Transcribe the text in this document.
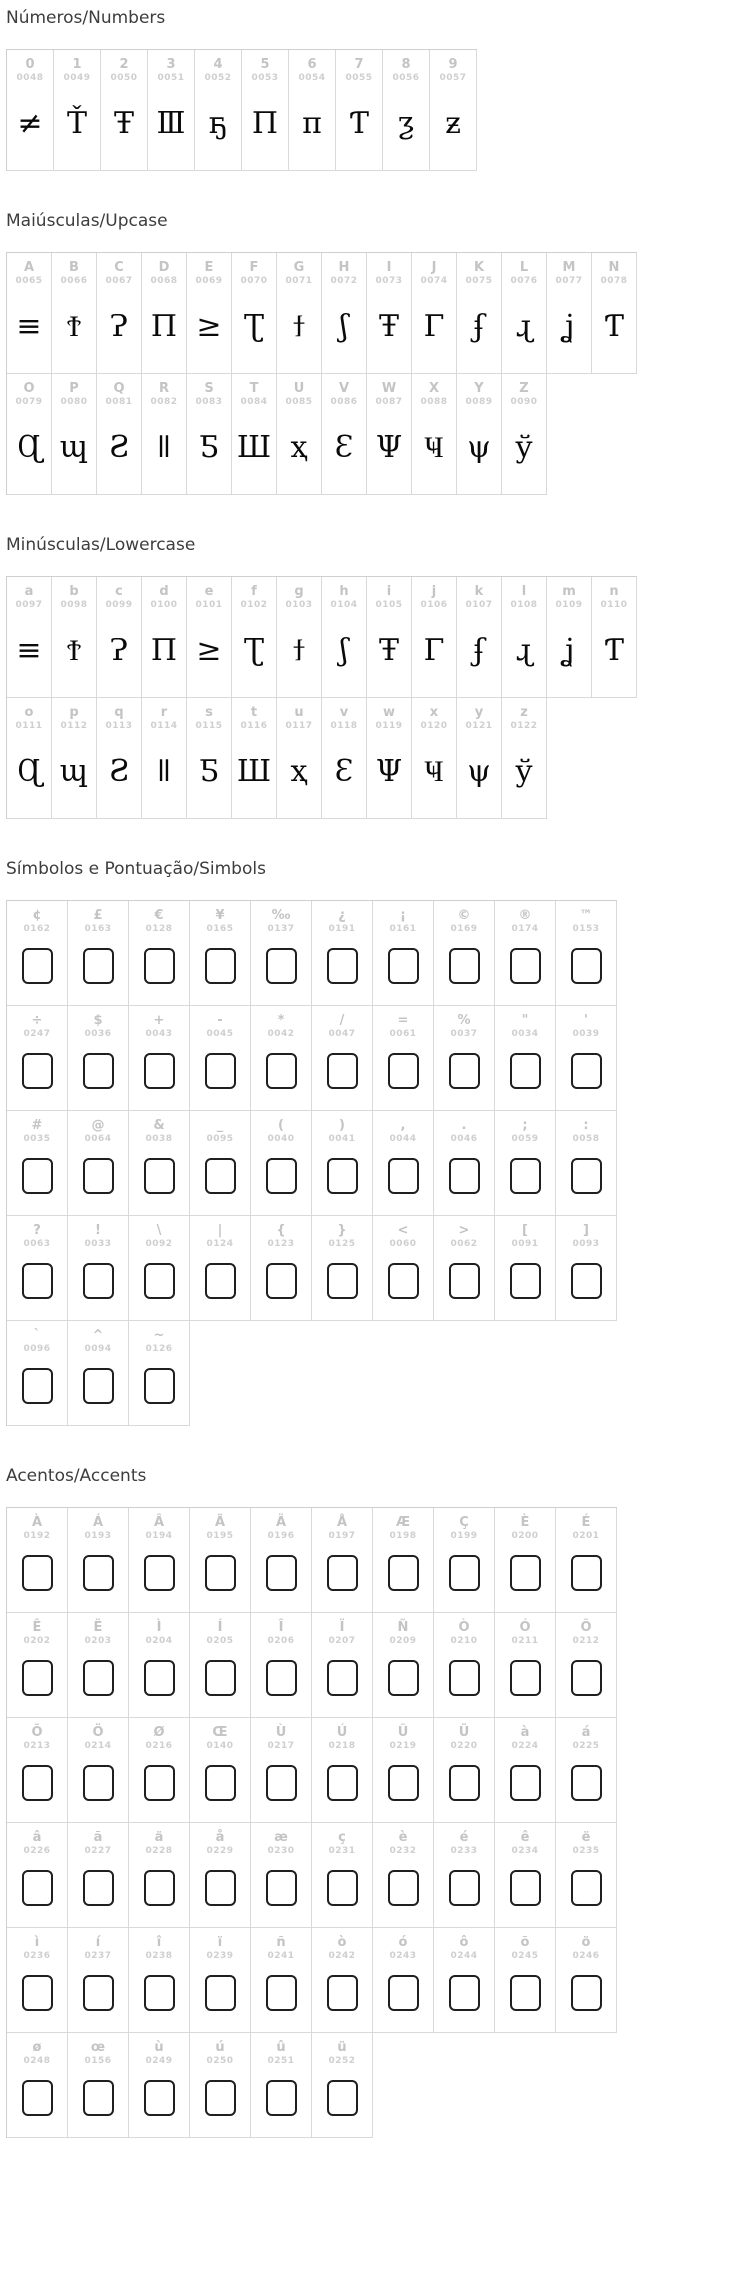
Números/Numbers
0
0048
≠
1
0049
Ť
2
0050
Ŧ
3
0051
Ⅲ
4
0052
ҕ
5
0053
Π
6
0054
π
7
0055
Ƭ
8
0056
ƺ
9
0057
ƶ
Maiúsculas/Upcase
A
0065
≡
B
0066
Ϯ
C
0067
Ɂ
D
0068
Π
E
0069
≥
F
0070
Ʈ
G
0071
ϯ
H
0072
ʃ
I
0073
Ŧ
J
0074
Γ
K
0075
ʄ
L
0076
ɻ
M
0077
ʝ
N
0078
Ƭ
O
0079
Ɋ
P
0080
ɰ
Q
0081
Ƨ
R
0082
ǁ
S
0083
Ƽ
T
0084
Ш
U
0085
ҳ
V
0086
Ɛ
W
0087
Ψ
X
0088
Ҹ
Y
0089
ψ
Z
0090
ў
Minúsculas/Lowercase
a
0097
≡
b
0098
Ϯ
c
0099
Ɂ
d
0100
Π
e
0101
≥
f
0102
Ʈ
g
0103
ϯ
h
0104
ʃ
i
0105
Ŧ
j
0106
Γ
k
0107
ʄ
l
0108
ɻ
m
0109
ʝ
n
0110
Ƭ
o
0111
Ɋ
p
0112
ɰ
q
0113
Ƨ
r
0114
ǁ
s
0115
Ƽ
t
0116
Ш
u
0117
ҳ
v
0118
Ɛ
w
0119
Ψ
x
0120
Ҹ
y
0121
ψ
z
0122
ў
Símbolos e Pontuação/Simbols
¢
0162
£
0163
€
0128
¥
0165
‰
0137
¿
0191
¡
0161
©
0169
®
0174
™
0153
÷
0247
$
0036
+
0043
-
0045
*
0042
/
0047
=
0061
%
0037
"
0034
'
0039
#
0035
@
0064
&
0038
_
0095
(
0040
)
0041
,
0044
.
0046
;
0059
:
0058
?
0063
!
0033
\
0092
|
0124
{
0123
}
0125
<
0060
>
0062
[
0091
]
0093
`
0096
^
0094
~
0126
Acentos/Accents
À
0192
Á
0193
Â
0194
Ã
0195
Ä
0196
Å
0197
Æ
0198
Ç
0199
È
0200
É
0201
Ê
0202
Ë
0203
Ì
0204
Í
0205
Î
0206
Ï
0207
Ñ
0209
Ò
0210
Ó
0211
Ô
0212
Õ
0213
Ö
0214
Ø
0216
Œ
0140
Ù
0217
Ú
0218
Û
0219
Ü
0220
à
0224
á
0225
â
0226
ã
0227
ä
0228
å
0229
æ
0230
ç
0231
è
0232
é
0233
ê
0234
ë
0235
ì
0236
í
0237
î
0238
ï
0239
ñ
0241
ò
0242
ó
0243
ô
0244
õ
0245
ö
0246
ø
0248
œ
0156
ù
0249
ú
0250
û
0251
ü
0252
